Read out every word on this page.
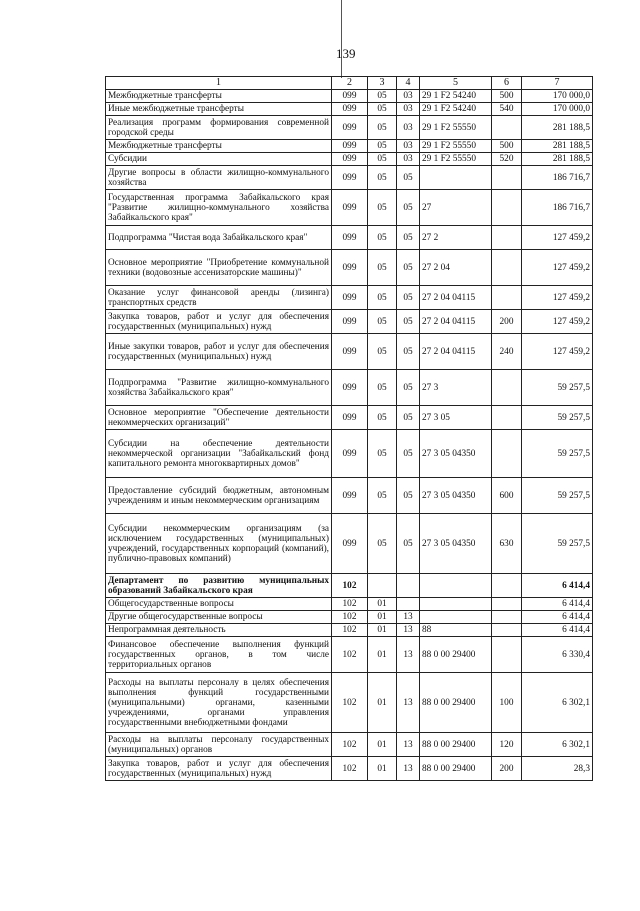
139
1	2	3	4	5	6	7
Межбюджетные трансферты	099	05	03	29 1 F2 54240	500	170 000,0
Иные межбюджетные трансферты	099	05	03	29 1 F2 54240	540	170 000,0
Реализация программ формирования современной городской среды	099	05	03	29 1 F2 55550		281 188,5
Межбюджетные трансферты	099	05	03	29 1 F2 55550	500	281 188,5
Субсидии	099	05	03	29 1 F2 55550	520	281 188,5
Другие вопросы в области жилищно-коммунального хозяйства	099	05	05			186 716,7
Государственная программа Забайкальского края "Развитие жилищно-коммунального хозяйства Забайкальского края"	099	05	05	27		186 716,7
Подпрограмма "Чистая вода Забайкальского края"	099	05	05	27 2		127 459,2
Основное мероприятие "Приобретение коммунальной техники (водовозные ассенизаторские машины)"	099	05	05	27 2 04		127 459,2
Оказание услуг финансовой аренды (лизинга) транспортных средств	099	05	05	27 2 04 04115		127 459,2
Закупка товаров, работ и услуг для обеспечения государственных (муниципальных) нужд	099	05	05	27 2 04 04115	200	127 459,2
Иные закупки товаров, работ и услуг для обеспечения государственных (муниципальных) нужд	099	05	05	27 2 04 04115	240	127 459,2
Подпрограмма "Развитие жилищно-коммунального хозяйства Забайкальского края"	099	05	05	27 3		59 257,5
Основное мероприятие "Обеспечение деятельности некоммерческих организаций"	099	05	05	27 3 05		59 257,5
Субсидии на обеспечение деятельности некоммерческой организации "Забайкальский фонд капитального ремонта многоквартирных домов"	099	05	05	27 3 05 04350		59 257,5
Предоставление субсидий бюджетным, автономным учреждениям и иным некоммерческим организациям	099	05	05	27 3 05 04350	600	59 257,5
Субсидии некоммерческим организациям (за исключением государственных (муниципальных) учреждений, государственных корпораций (компаний), публично-правовых компаний)	099	05	05	27 3 05 04350	630	59 257,5
Департамент по развитию муниципальных образований Забайкальского края	102					6 414,4
Общегосударственные вопросы	102	01				6 414,4
Другие общегосударственные вопросы	102	01	13			6 414,4
Непрограммная деятельность	102	01	13	88		6 414,4
Финансовое обеспечение выполнения функций государственных органов, в том числе территориальных органов	102	01	13	88 0 00 29400		6 330,4
Расходы на выплаты персоналу в целях обеспечения выполнения функций государственными (муниципальными) органами, казенными учреждениями, органами управления государственными внебюджетными фондами	102	01	13	88 0 00 29400	100	6 302,1
Расходы на выплаты персоналу государственных (муниципальных) органов	102	01	13	88 0 00 29400	120	6 302,1
Закупка товаров, работ и услуг для обеспечения государственных (муниципальных) нужд	102	01	13	88 0 00 29400	200	28,3
